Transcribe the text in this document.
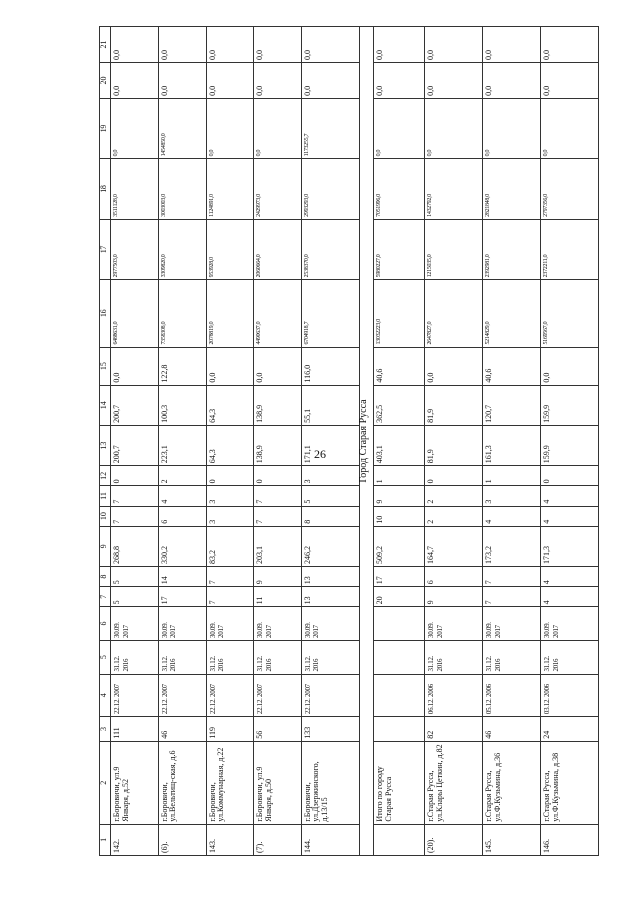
26
1	2	3	4	5	6	7	8	9	10	11	12	13	14	15	16	17	18	19	20	21
142.	г.Боровичи, ул.9 Января, д.52	111	22.12. 2007	31.12. 2016	30.09. 2017	5	5	268,8	7	7	0	200,7	200,7	0,0	6488631,0	2977503,0	3511128,0	0,0	0,0	0,0
(6).	г.Боровичи, ул.Вельтищ-ская, д.6	46	22.12. 2007	31.12. 2016	30.09. 2017	17	14	330,2	6	4	2	223,1	100,3	122,8	7358308,0	3309820,0	3003003,0	1454850,0	0,0	0,0
143.	г.Боровичи, ул.Коммунарная, д.22	119	22.12. 2007	31.12. 2016	30.09. 2017	7	7	83,2	3	3	0	64,3	64,3	0,0	2078819,0	953928,0	1124891,0	0,0	0,0	0,0
(7).	г.Боровичи, ул.9 Января, д.50	56	22.12. 2007	31.12. 2016	30.09. 2017	11	9	203,1	7	7	0	138,9	138,9	0,0	4490637,0	2060664,0	2429973,0	0,0	0,0	0,0
144.	г.Боровичи, ул.Дзержинского, д.13/15	133	22.12. 2007	31.12. 2016	30.09. 2017	13	13	246,2	8	5	3	171,1	55,1	116,0	6704918,7	2538370,0	2993293,0	1173255,7	0,0	0,0
Город Старая Русса																				
	Итого по городу Старая Русса					20	17	509,2	10	9	1	403,1	362,5	40,6	13032223,0	5980227,0	7051996,0	0,0	0,0	0,0
(20).	г.Старая Русса, ул.Клары Цеткин, д.82	82	06.12. 2006	31.12. 2016	30.09. 2017	9	6	164,7	2	2	0	81,9	81,9	0,0	2647827,0	1215035,0	1432792,0	0,0	0,0	0,0
145.	г.Старая Русса, ул.Ф.Кузьмина, д.36	46	05.12. 2006	31.12. 2016	30.09. 2017	7	7	173,2	4	3	1	161,3	120,7	40,6	5214829,0	2392981,0	2821848,0	0,0	0,0	0,0
146.	г.Старая Русса, ул.Ф.Кузьмина, д.38	24	03.12. 2006	31.12. 2016	30.09. 2017	4	4	171,3	4	4	0	159,9	159,9	0,0	5169567,0	2372211,0	2797356,0	0,0	0,0	0,0
